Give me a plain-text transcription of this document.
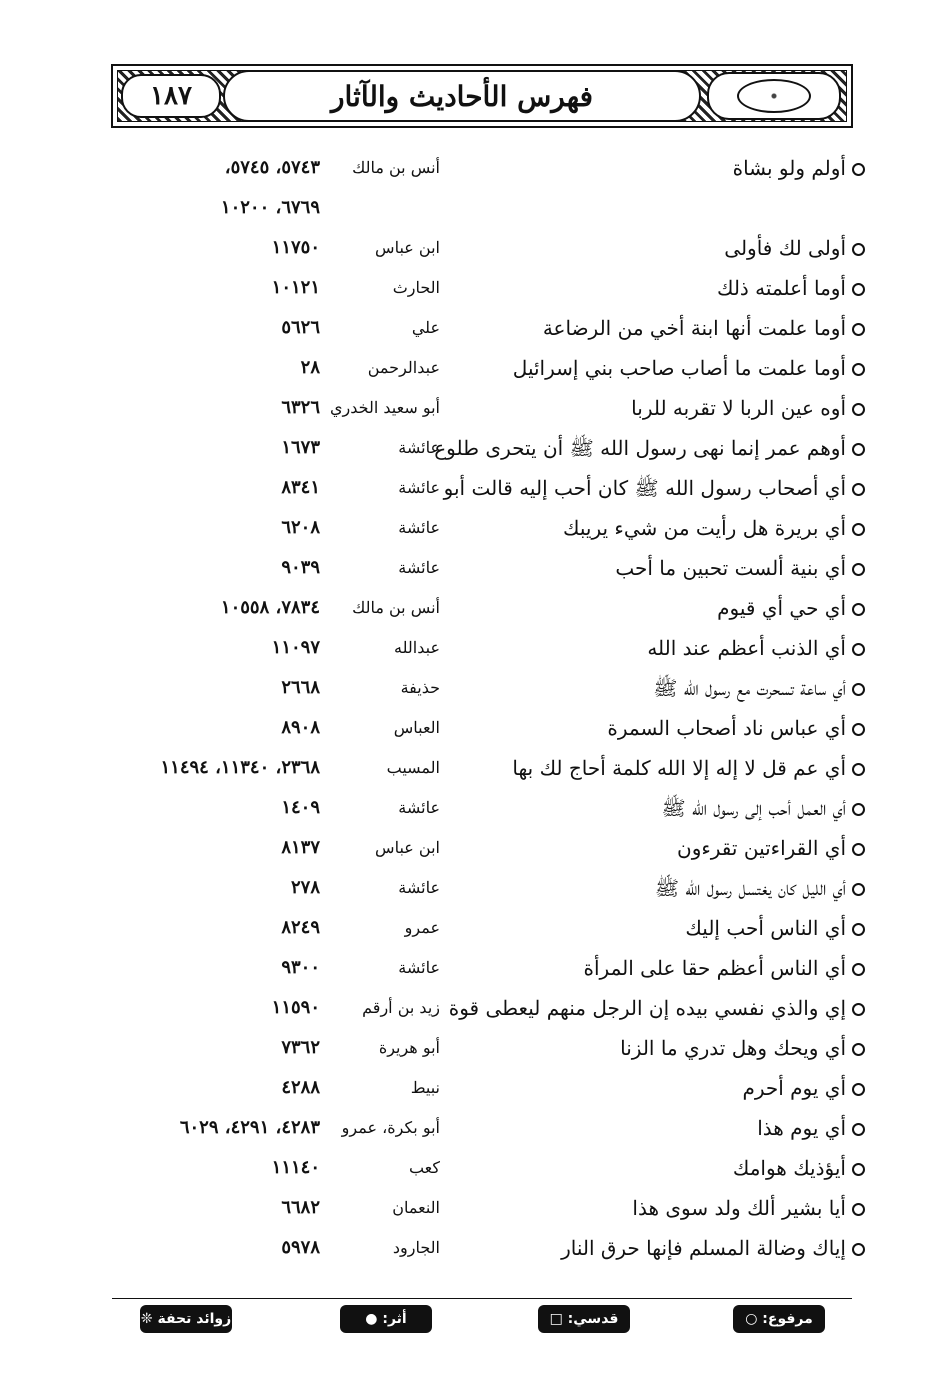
١٨٧	فهرس الأحاديث والآثار
أولم ولو بشاة
أنس بن مالك
٥٧٤٣، ٥٧٤٥،
٦٧٦٩، ١٠٢٠٠
أولى لك فأولى
ابن عباس
١١٧٥٠
أوما أعلمته ذلك
الحارث
١٠١٢١
أوما علمت أنها ابنة أخي من الرضاعة
علي
٥٦٢٦
أوما علمت ما أصاب صاحب بني إسرائيل
عبدالرحمن
٢٨
أوه عين الربا لا تقربه للربا
أبو سعيد الخدري
٦٣٢٦
أوهم عمر إنما نهى رسول الله ﷺ أن يتحرى طلوع
عائشة
١٦٧٣
أي أصحاب رسول الله ﷺ كان أحب إليه قالت أبو
عائشة
٨٣٤١
أي بريرة هل رأيت من شيء يريبك
عائشة
٦٢٠٨
أي بنية ألست تحبين ما أحب
عائشة
٩٠٣٩
أي حي أي قيوم
أنس بن مالك
٧٨٣٤، ١٠٥٥٨
أي الذنب أعظم عند الله
عبدالله
١١٠٩٧
أي ساعة تسحرت مع رسول الله ﷺ
حذيفة
٢٦٦٨
أي عباس ناد أصحاب السمرة
العباس
٨٩٠٨
أي عم قل لا إله إلا الله كلمة أحاج لك بها
المسيب
٢٣٦٨، ١١٣٤٠، ١١٤٩٤
أي العمل أحب إلى رسول الله ﷺ
عائشة
١٤٠٩
أي القراءتين تقرءون
ابن عباس
٨١٣٧
أي الليل كان يغتسل رسول الله ﷺ
عائشة
٢٧٨
أي الناس أحب إليك
عمرو
٨٢٤٩
أي الناس أعظم حقا على المرأة
عائشة
٩٣٠٠
إي والذي نفسي بيده إن الرجل منهم ليعطى قوة
زيد بن أرقم
١١٥٩٠
أي ويحك وهل تدري ما الزنا
أبو هريرة
٧٣٦٢
أي يوم أحرم
نبيط
٤٢٨٨
أي يوم هذا
أبو بكرة، عمرو
٤٢٨٣، ٤٢٩١، ٦٠٢٩
أيؤذيك هوامك
كعب
١١١٤٠
أيا بشير ألك ولد سوى هذا
النعمان
٦٦٨٢
إياك وضالة المسلم فإنها حرق النار
الجارود
٥٩٧٨
مرفوع: ○
قدسي: □
أثر: ●
زوائد تحفة ❊
